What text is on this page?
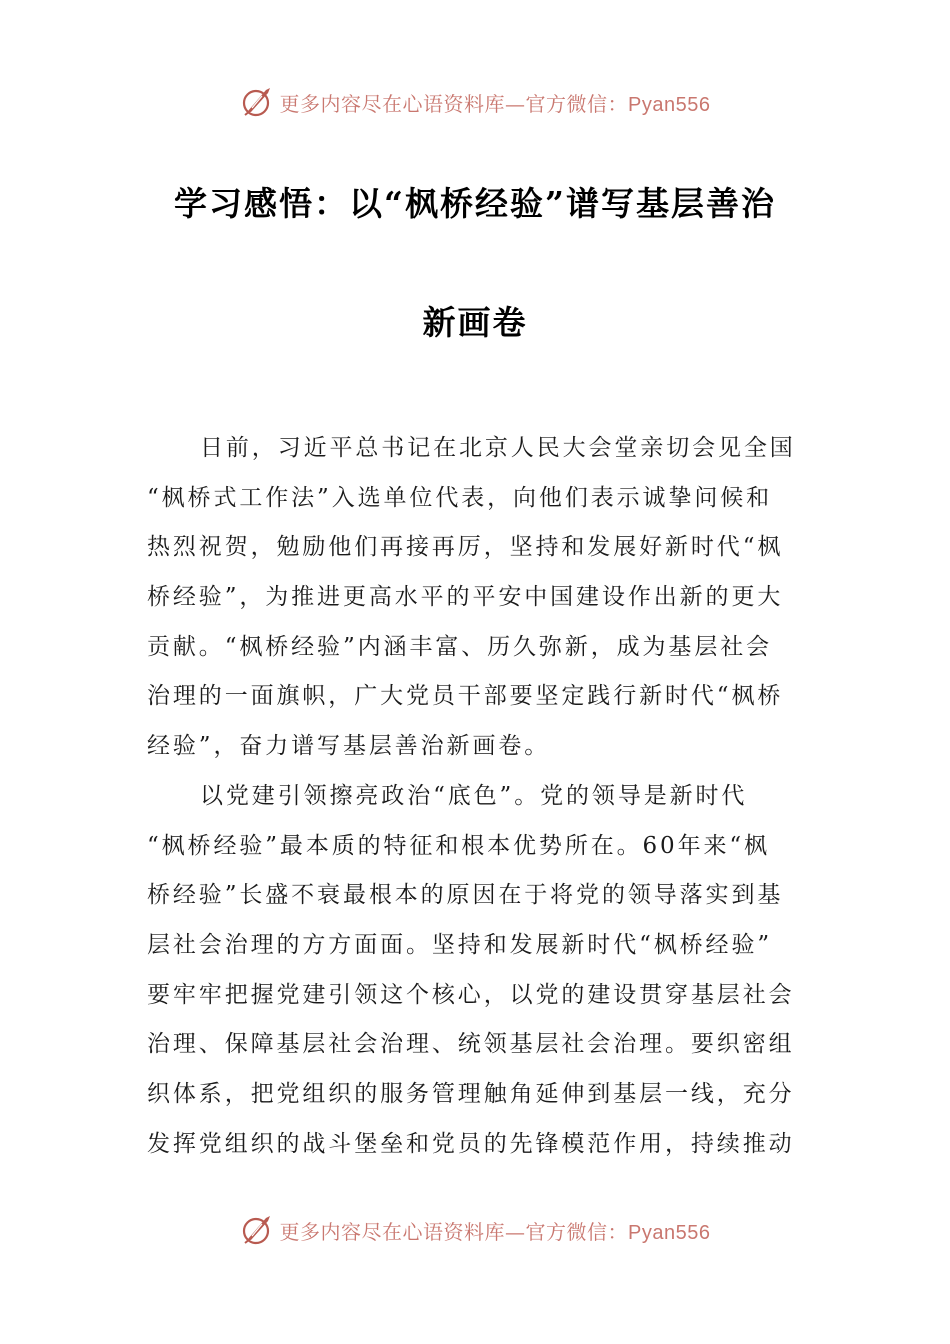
更多内容尽在心语资料库—官方微信：Pyan556
学习感悟：以“枫桥经验”谱写基层善治
新画卷
日前，习近平总书记在北京人民大会堂亲切会见全国
“枫桥式工作法”入选单位代表，向他们表示诚挚问候和
热烈祝贺，勉励他们再接再厉，坚持和发展好新时代“枫
桥经验”，为推进更高水平的平安中国建设作出新的更大
贡献。“枫桥经验”内涵丰富、历久弥新，成为基层社会
治理的一面旗帜，广大党员干部要坚定践行新时代“枫桥
经验”，奋力谱写基层善治新画卷。
以党建引领擦亮政治“底色”。党的领导是新时代
“枫桥经验”最本质的特征和根本优势所在。60年来“枫
桥经验”长盛不衰最根本的原因在于将党的领导落实到基
层社会治理的方方面面。坚持和发展新时代“枫桥经验”
要牢牢把握党建引领这个核心，以党的建设贯穿基层社会
治理、保障基层社会治理、统领基层社会治理。要织密组
织体系，把党组织的服务管理触角延伸到基层一线，充分
发挥党组织的战斗堡垒和党员的先锋模范作用，持续推动
更多内容尽在心语资料库—官方微信：Pyan556
